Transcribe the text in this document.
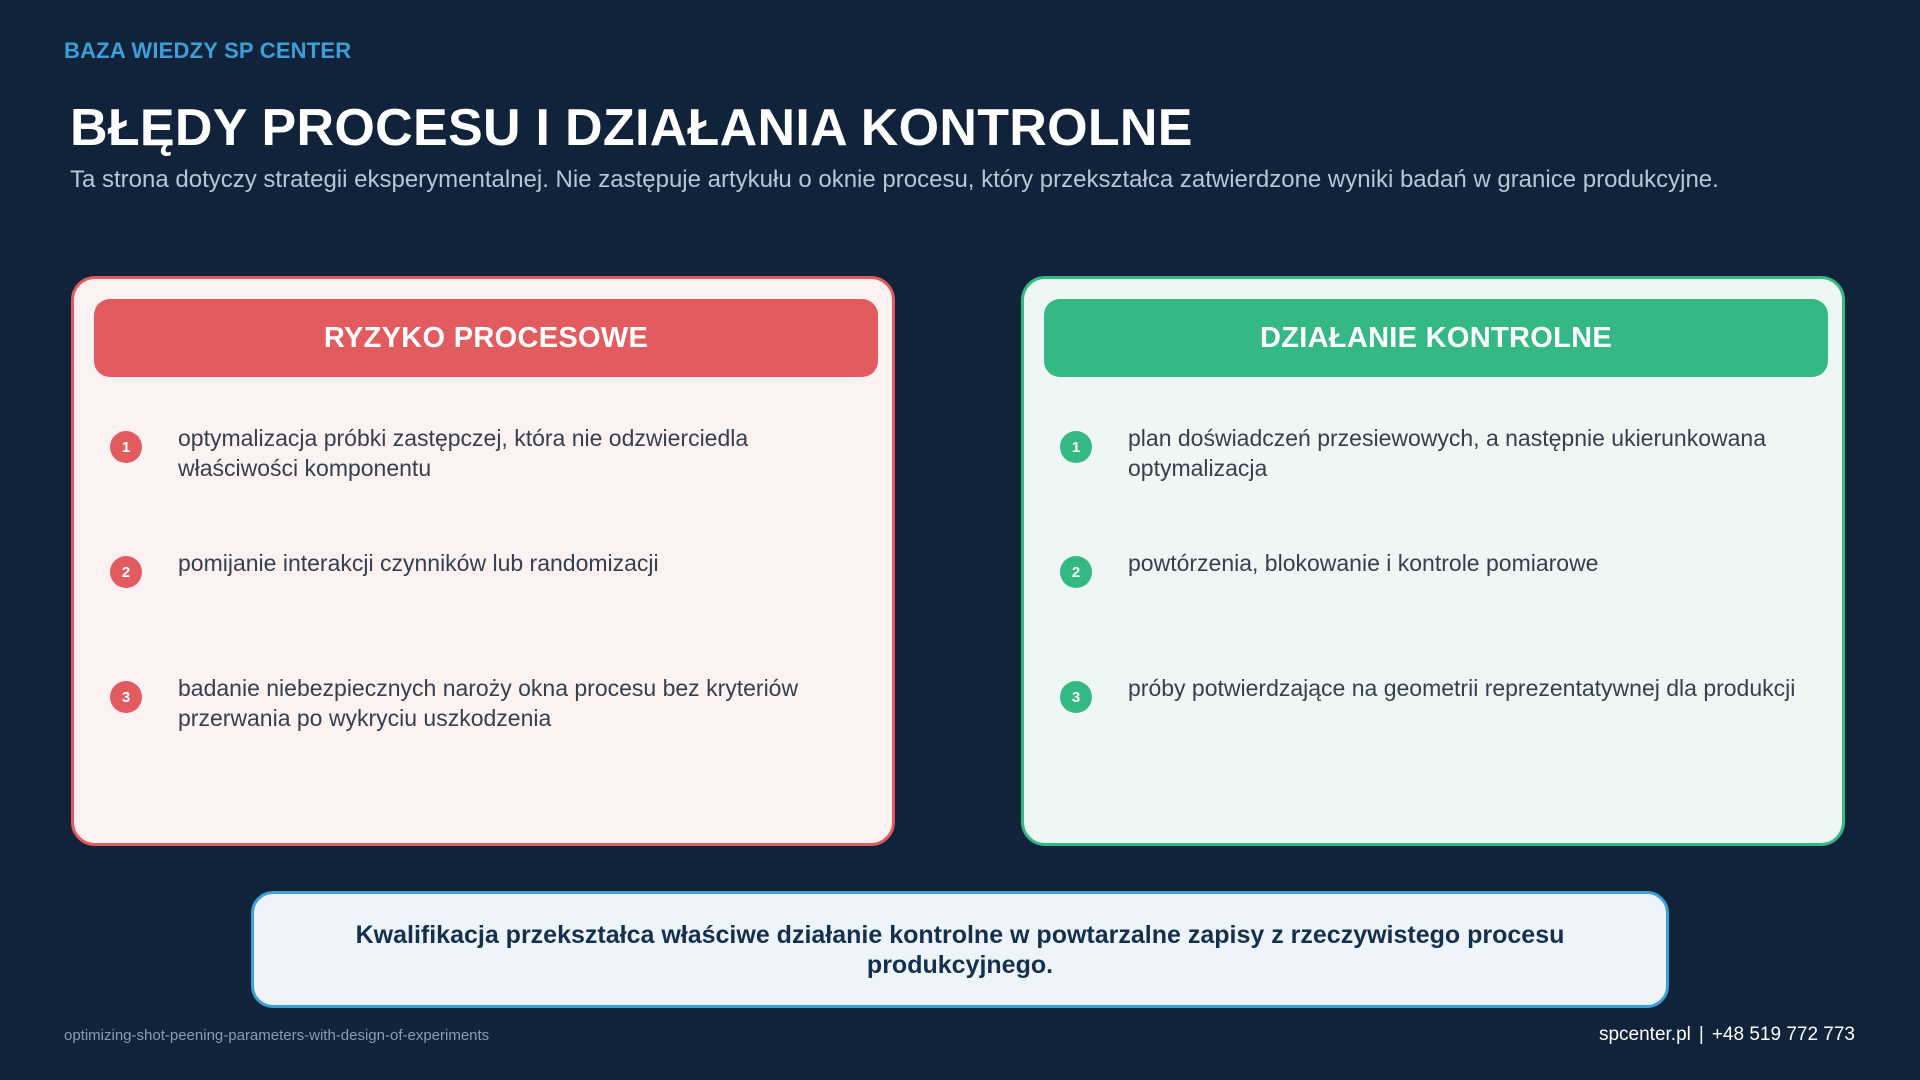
BAZA WIEDZY SP CENTER
BŁĘDY PROCESU I DZIAŁANIA KONTROLNE

Ta strona dotyczy strategii eksperymentalnej. Nie zastępuje artykułu o oknie procesu, który przekształca zatwierdzone wyniki badań w granice produkcyjne.

RYZYKO PROCESOWE
1	optymalizacja próbki zastępczej, która nie odzwierciedla właściwości komponentu
2	pomijanie interakcji czynników lub randomizacji
3	badanie niebezpiecznych naroży okna procesu bez kryteriów przerwania po wykryciu uszkodzenia
DZIAŁANIE KONTROLNE
1	plan doświadczeń przesiewowych, a następnie ukierunkowana optymalizacja
2	powtórzenia, blokowanie i kontrole pomiarowe
3	próby potwierdzające na geometrii reprezentatywnej dla produkcji
Kwalifikacja przekształca właściwe działanie kontrolne w powtarzalne zapisy z rzeczywistego procesu produkcyjnego.
optimizing-shot-peening-parameters-with-design-of-experiments	spcenter.pl | +48 519 772 773
